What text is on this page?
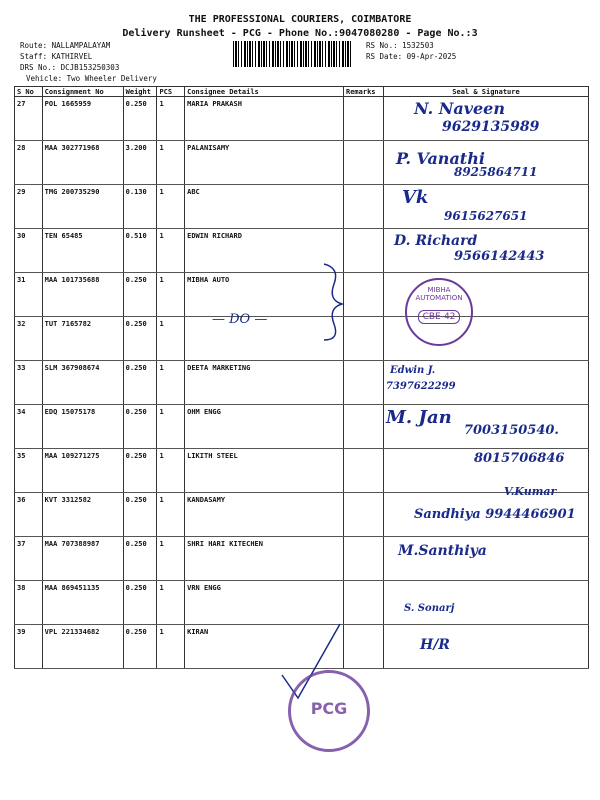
THE PROFESSIONAL COURIERS, COIMBATORE
Delivery Runsheet - PCG - Phone No.:9047080280 - Page No.:3
Route: NALLAMPALAYAM
Staff: KATHIRVEL
DRS No.: DCJB153250303
Vehicle: Two Wheeler Delivery
RS No.: 1532503
RS Date: 09-Apr-2025
S No	Consignment No	Weight	PCS	Consignee Details	Remarks	Seal & Signature
27	POL 1665959	0.250	1	MARIA PRAKASH		N. Naveen
9629135989

28	MAA 302771968	3.200	1	PALANISAMY		P. Vanathi
8925864711

29	TMG 200735290	0.130	1	ABC		Vk
9615627651

30	TEN 65485	0.510	1	EDWIN RICHARD		D. Richard
9566142443

31	MAA 101735688	0.250	1	MIBHA AUTO		
32	TUT 7165782	0.250	1			
33	SLM 367908674	0.250	1	DEETA MARKETING		Edwin J.
7397622299

34	EDQ 15075178	0.250	1	OHM ENGG		M. Jan
7003150540.

35	MAA 109271275	0.250	1	LIKITH STEEL		8015706846

36	KVT 3312582	0.250	1	KANDASAMY		V.Kumar
Sandhiya 9944466901

37	MAA 707388987	0.250	1	SHRI HARI KITECHEN		M.Santhiya

38	MAA 869451135	0.250	1	VRN ENGG		S. Sonarj

39	VPL 221334682	0.250	1	KIRAN		H/R
— DO —
MIBHA AUTOMATION
CBE-42
PCG
